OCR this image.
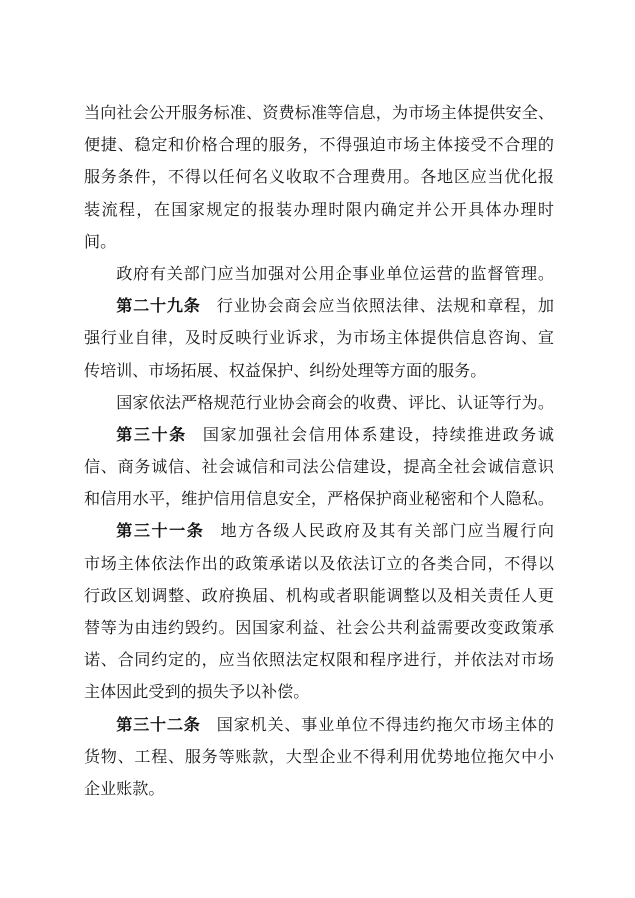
当向社会公开服务标准、资费标准等信息，为市场主体提供安全、
便捷、稳定和价格合理的服务，不得强迫市场主体接受不合理的
服务条件，不得以任何名义收取不合理费用。各地区应当优化报
装流程，在国家规定的报装办理时限内确定并公开具体办理时
间。
政府有关部门应当加强对公用企事业单位运营的监督管理。
第二十九条 行业协会商会应当依照法律、法规和章程，加
强行业自律，及时反映行业诉求，为市场主体提供信息咨询、宣
传培训、市场拓展、权益保护、纠纷处理等方面的服务。
国家依法严格规范行业协会商会的收费、评比、认证等行为。
第三十条 国家加强社会信用体系建设，持续推进政务诚
信、商务诚信、社会诚信和司法公信建设，提高全社会诚信意识
和信用水平，维护信用信息安全，严格保护商业秘密和个人隐私。
第三十一条 地方各级人民政府及其有关部门应当履行向
市场主体依法作出的政策承诺以及依法订立的各类合同，不得以
行政区划调整、政府换届、机构或者职能调整以及相关责任人更
替等为由违约毁约。因国家利益、社会公共利益需要改变政策承
诺、合同约定的，应当依照法定权限和程序进行，并依法对市场
主体因此受到的损失予以补偿。
第三十二条 国家机关、事业单位不得违约拖欠市场主体的
货物、工程、服务等账款，大型企业不得利用优势地位拖欠中小
企业账款。
